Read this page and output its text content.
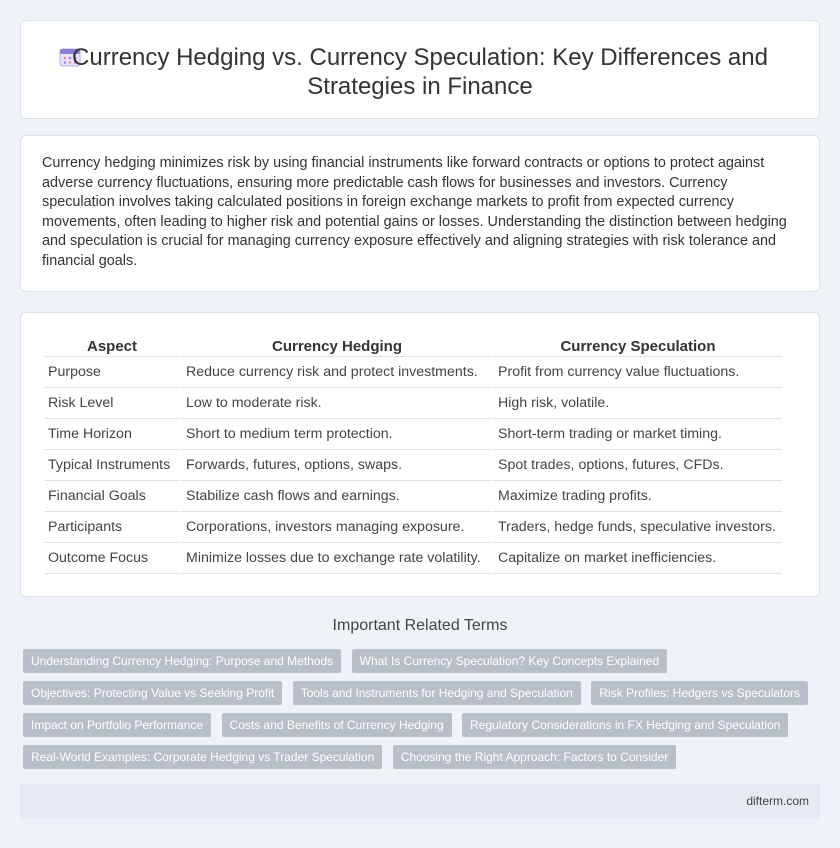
Currency Hedging vs. Currency Speculation: Key Differences and
Strategies in Finance

Currency hedging minimizes risk by using financial instruments like forward contracts or options to protect against adverse currency fluctuations, ensuring more predictable cash flows for businesses and investors. Currency speculation involves taking calculated positions in foreign exchange markets to profit from expected currency movements, often leading to higher risk and potential gains or losses. Understanding the distinction between hedging and speculation is crucial for managing currency exposure effectively and aligning strategies with risk tolerance and financial goals.

Aspect	Currency Hedging	Currency Speculation
Purpose	Reduce currency risk and protect investments.	Profit from currency value fluctuations.
Risk Level	Low to moderate risk.	High risk, volatile.
Time Horizon	Short to medium term protection.	Short-term trading or market timing.
Typical Instruments	Forwards, futures, options, swaps.	Spot trades, options, futures, CFDs.
Financial Goals	Stabilize cash flows and earnings.	Maximize trading profits.
Participants	Corporations, investors managing exposure.	Traders, hedge funds, speculative investors.
Outcome Focus	Minimize losses due to exchange rate volatility.	Capitalize on market inefficiencies.
Important Related Terms
Understanding Currency Hedging: Purpose and Methods What Is Currency Speculation? Key Concepts Explained
Objectives: Protecting Value vs Seeking Profit Tools and Instruments for Hedging and Speculation Risk Profiles: Hedgers vs Speculators
Impact on Portfolio Performance Costs and Benefits of Currency Hedging Regulatory Considerations in FX Hedging and Speculation
Real-World Examples: Corporate Hedging vs Trader Speculation Choosing the Right Approach: Factors to Consider
difterm.com
